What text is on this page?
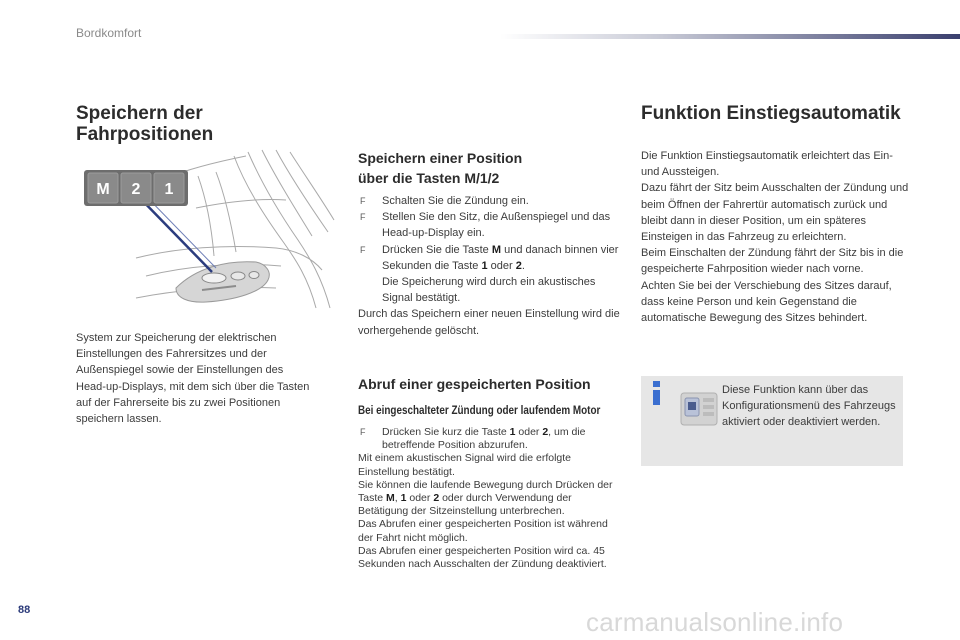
Bordkomfort
Speichern der
Fahrpositionen
M 2 1
System zur Speicherung der elektrischen Einstellungen des Fahrersitzes und der Außenspiegel sowie der Einstellungen des Head-up-Displays, mit dem sich über die Tasten auf der Fahrerseite bis zu zwei Positionen speichern lassen.
Speichern einer Position
über die Tasten M/1/2
F Schalten Sie die Zündung ein.
F Stellen Sie den Sitz, die Außenspiegel und das Head-up-Display ein.
F Drücken Sie die Taste M und danach binnen vier Sekunden die Taste 1 oder 2.
Die Speicherung wird durch ein akustisches Signal bestätigt.
Durch das Speichern einer neuen Einstellung wird die vorhergehende gelöscht.
Abruf einer gespeicherten Position
Bei eingeschalteter Zündung oder laufendem Motor
F Drücken Sie kurz die Taste 1 oder 2, um die betreffende Position abzurufen.
Mit einem akustischen Signal wird die erfolgte Einstellung bestätigt.
Sie können die laufende Bewegung durch Drücken der Taste M, 1 oder 2 oder durch Verwendung der Betätigung der Sitzeinstellung unterbrechen.
Das Abrufen einer gespeicherten Position ist während der Fahrt nicht möglich.
Das Abrufen einer gespeicherten Position wird ca. 45 Sekunden nach Ausschalten der Zündung deaktiviert.
Funktion Einstiegsautomatik
Die Funktion Einstiegsautomatik erleichtert das Ein- und Aussteigen.
Dazu fährt der Sitz beim Ausschalten der Zündung und beim Öffnen der Fahrertür automatisch zurück und bleibt dann in dieser Position, um ein späteres Einsteigen in das Fahrzeug zu erleichtern.
Beim Einschalten der Zündung fährt der Sitz bis in die gespeicherte Fahrposition wieder nach vorne.
Achten Sie bei der Verschiebung des Sitzes darauf, dass keine Person und kein Gegenstand die automatische Bewegung des Sitzes behindert.
Diese Funktion kann über das Konfigurationsmenü des Fahrzeugs aktiviert oder deaktiviert werden.
88	carmanualsonline.info
